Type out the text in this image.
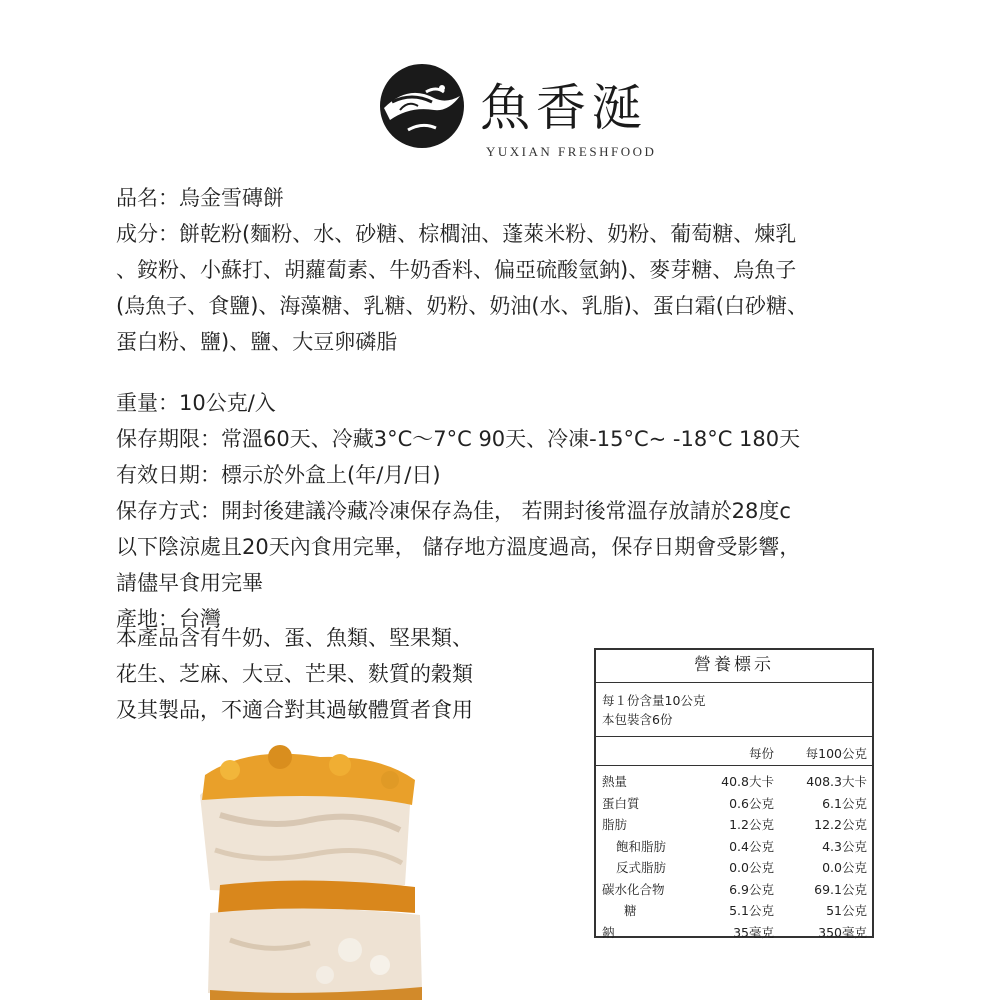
魚香涎
YUXIAN FRESHFOOD
品名：烏金雪磚餅
成分：餅乾粉(麵粉、水、砂糖、棕櫚油、蓬萊米粉、奶粉、葡萄糖、煉乳
、銨粉、小蘇打、胡蘿蔔素、牛奶香料、偏亞硫酸氫鈉)、麥芽糖、烏魚子
(烏魚子、食鹽)、海藻糖、乳糖、奶粉、奶油(水、乳脂)、蛋白霜(白砂糖、
蛋白粉、鹽)、鹽、大豆卵磷脂
重量：10公克/入
保存期限：常溫60天、冷藏3°C～7°C 90天、冷凍-15°C~ -18°C 180天
有效日期：標示於外盒上(年/月/日)
保存方式：開封後建議冷藏冷凍保存為佳， 若開封後常溫存放請於28度c
以下陰涼處且20天內食用完畢， 儲存地方溫度過高，保存日期會受影響，
請儘早食用完畢
產地：台灣
本產品含有牛奶、蛋、魚類、堅果類、
花生、芝麻、大豆、芒果、麩質的穀類
及其製品，不適合對其過敏體質者食用
營養標示
每１份含量10公克
本包裝含6份
每份	每100公克
熱量	40.8大卡	408.3大卡
蛋白質	0.6公克	6.1公克
脂肪	1.2公克	12.2公克
飽和脂肪	0.4公克	4.3公克
反式脂肪	0.0公克	0.0公克
碳水化合物	6.9公克	69.1公克
糖	5.1公克	51公克
鈉	35毫克	350毫克
